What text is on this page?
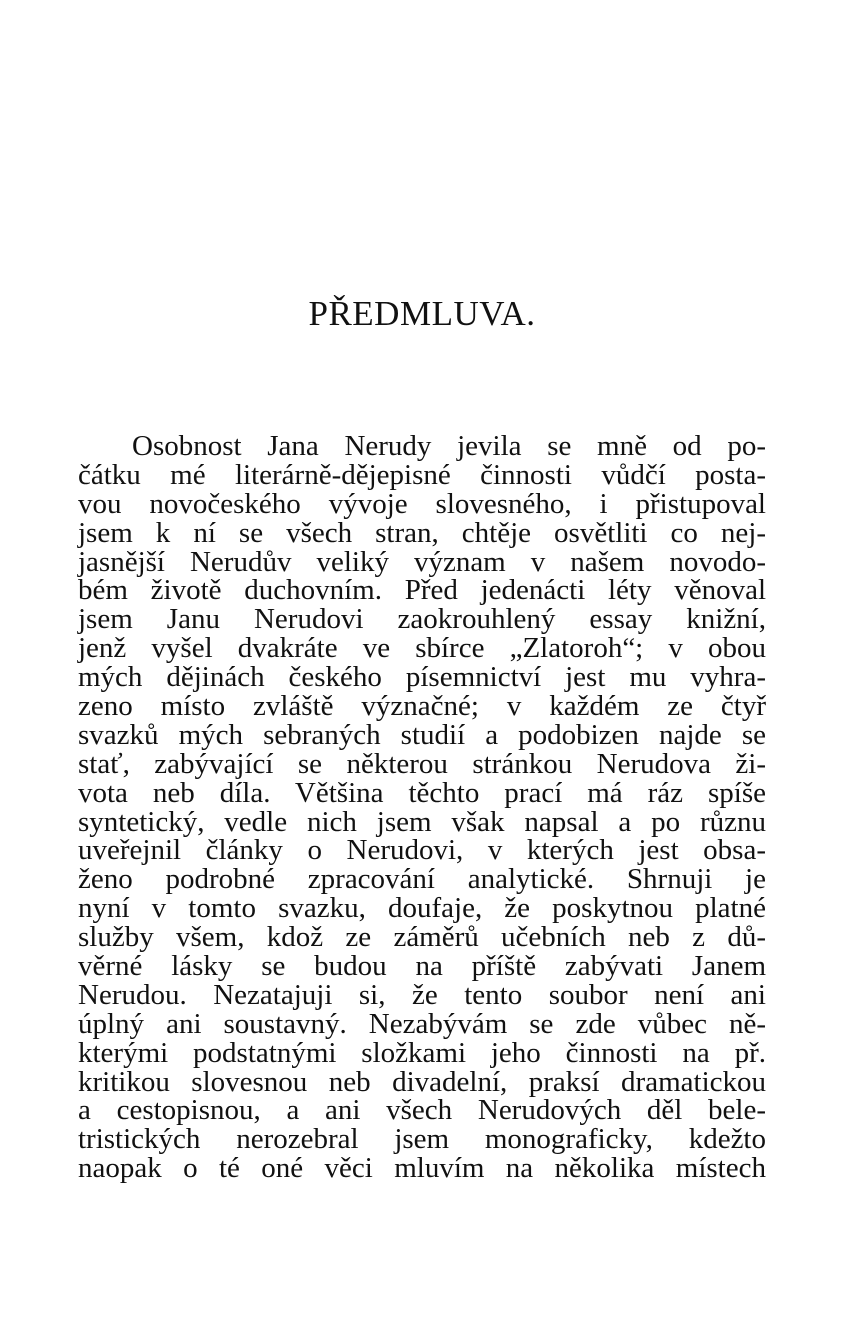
PŘEDMLUVA.
Osobnost Jana Nerudy jevila se mně od po-
čátku mé literárně-dějepisné činnosti vůdčí posta-
vou novočeského vývoje slovesného, i přistupoval
jsem k ní se všech stran, chtěje osvětliti co nej-
jasnější Nerudův veliký význam v našem novodo-
bém životě duchovním. Před jedenácti léty věnoval
jsem Janu Nerudovi zaokrouhlený essay knižní,
jenž vyšel dvakráte ve sbírce „Zlatoroh“; v obou
mých dějinách českého písemnictví jest mu vyhra-
zeno místo zvláště význačné; v každém ze čtyř
svazků mých sebraných studií a podobizen najde se
stať, zabývající se některou stránkou Nerudova ži-
vota neb díla. Většina těchto prací má ráz spíše
syntetický, vedle nich jsem však napsal a po různu
uveřejnil články o Nerudovi, v kterých jest obsa-
ženo podrobné zpracování analytické. Shrnuji je
nyní v tomto svazku, doufaje, že poskytnou platné
služby všem, kdož ze záměrů učebních neb z dů-
věrné lásky se budou na příště zabývati Janem
Nerudou. Nezatajuji si, že tento soubor není ani
úplný ani soustavný. Nezabývám se zde vůbec ně-
kterými podstatnými složkami jeho činnosti na př.
kritikou slovesnou neb divadelní, praksí dramatickou
a cestopisnou, a ani všech Nerudových děl bele-
tristických nerozebral jsem monograficky, kdežto
naopak o té oné věci mluvím na několika místech
